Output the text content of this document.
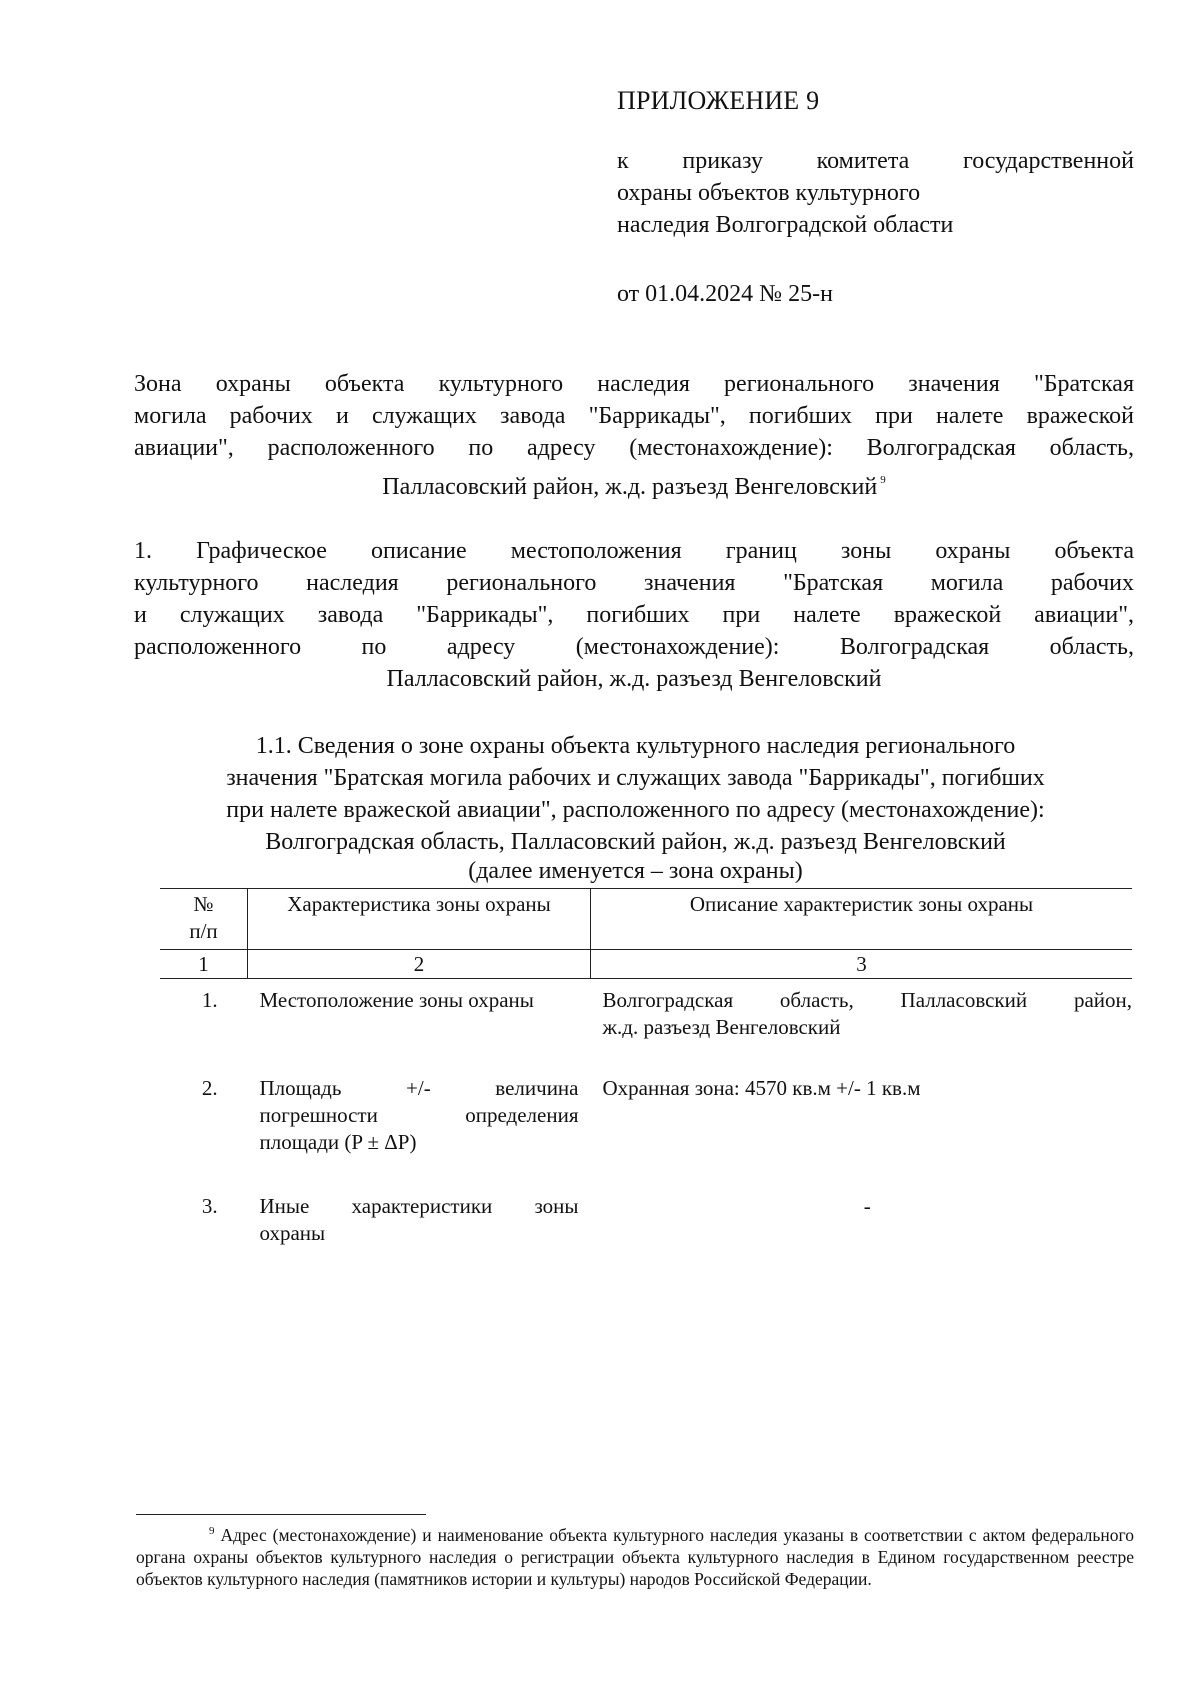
ПРИЛОЖЕНИЕ 9
к приказу комитета государственной
охраны объектов культурного
наследия Волгоградской области
от 01.04.2024 № 25-н
Зона охраны объекта культурного наследия регионального значения "Братская
могила рабочих и служащих завода "Баррикады", погибших при налете вражеской
авиации", расположенного по адресу (местонахождение): Волгоградская область,
Палласовский район, ж.д. разъезд Венгеловский $^9$
1. Графическое описание местоположения границ зоны охраны объекта
культурного наследия регионального значения "Братская могила рабочих
и служащих завода "Баррикады", погибших при налете вражеской авиации",
расположенного по адресу (местонахождение): Волгоградская область,
Палласовский район, ж.д. разъезд Венгеловский
1.1. Сведения о зоне охраны объекта культурного наследия регионального
значения "Братская могила рабочих и служащих завода "Баррикады", погибших
при налете вражеской авиации", расположенного по адресу (местонахождение):
Волгоградская область, Палласовский район, ж.д. разъезд Венгеловский
(далее именуется – зона охраны)
№
п/п	Характеристика зоны охраны	Описание характеристик зоны охраны
1	2	3
1.	Местоположение зоны охраны	Волгоградская область, Палласовский район,
ж.д. разъезд Венгеловский

2.	Площадь +/- величина
погрешности определения
площади (P ± ΔP)	Охранная зона: 4570 кв.м +/- 1 кв.м
3.	Иные характеристики зоны
охраны	-
$^9$ Адрес (местонахождение) и наименование объекта культурного наследия указаны в соответствии с актом федерального органа охраны объектов культурного наследия о регистрации объекта культурного наследия в Едином государственном реестре объектов культурного наследия (памятников истории и культуры) народов Российской Федерации.
